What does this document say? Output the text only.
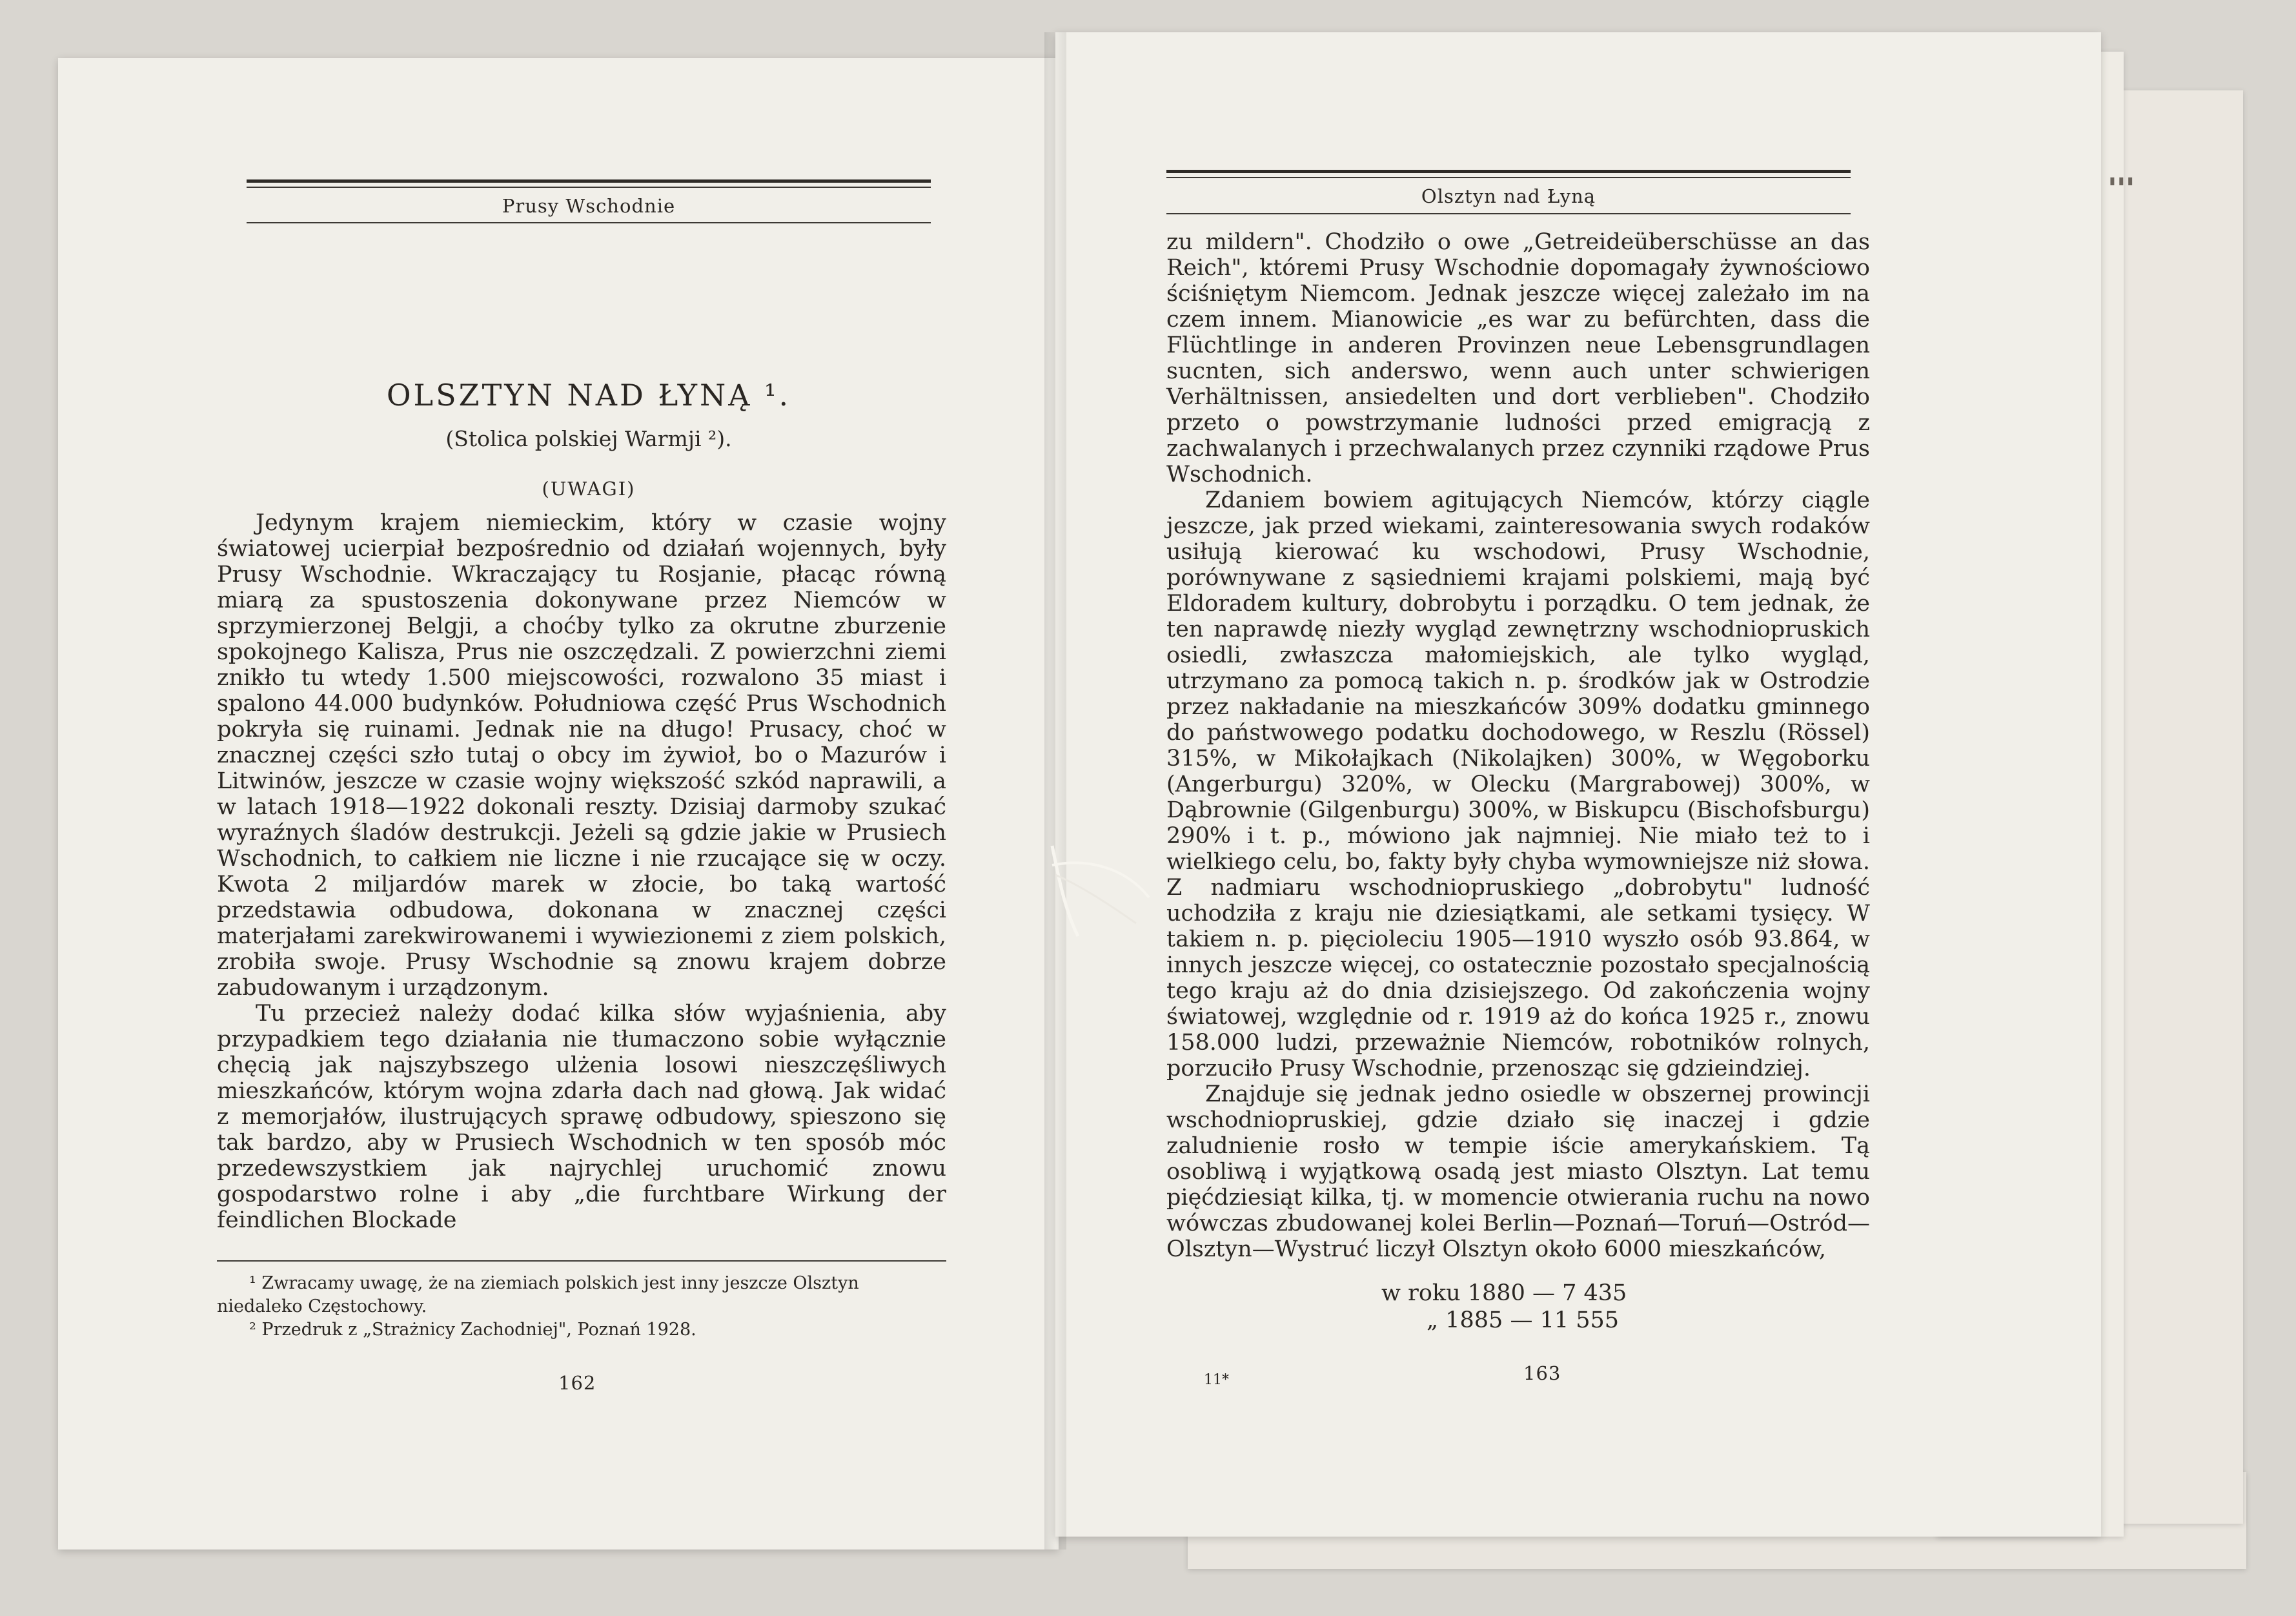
▮ ▮ ▮
Prusy Wschodnie
OLSZTYN NAD ŁYNĄ ¹.
(Stolica polskiej Warmji ²).
(UWAGI)

Jedynym krajem niemieckim, który w czasie wojny światowej ucierpiał bezpośrednio od działań wojennych, były Prusy Wschodnie. Wkraczający tu Rosjanie, płacąc równą miarą za spustoszenia dokonywane przez Niemców w sprzymierzonej Belgji, a choćby tylko za okrutne zburzenie spokojnego Kalisza, Prus nie oszczędzali. Z powierzchni ziemi znikło tu wtedy 1.500 miejscowości, rozwalono 35 miast i spalono 44.000 budynków. Południowa część Prus Wschodnich pokryła się ruinami. Jednak nie na długo! Prusacy, choć w znacznej części szło tutaj o obcy im żywioł, bo o Mazurów i Litwinów, jeszcze w czasie wojny większość szkód naprawili, a w latach 1918—1922 dokonali reszty. Dzisiaj darmoby szukać wyraźnych śladów destrukcji. Jeżeli są gdzie jakie w Prusiech Wschodnich, to całkiem nie liczne i nie rzucające się w oczy. Kwota 2 miljardów marek w złocie, bo taką wartość przedstawia odbudowa, dokonana w znacznej części materjałami zarekwirowanemi i wywiezionemi z ziem polskich, zrobiła swoje. Prusy Wschodnie są znowu krajem dobrze zabudowanym i urządzonym.

Tu przecież należy dodać kilka słów wyjaśnienia, aby przypadkiem tego działania nie tłumaczono sobie wyłącznie chęcią jak najszybszego ulżenia losowi nieszczęśliwych mieszkańców, którym wojna zdarła dach nad głową. Jak widać z memorjałów, ilustrujących sprawę odbudowy, spieszono się tak bardzo, aby w Prusiech Wschodnich w ten sposób móc przedewszystkiem jak najrychlej uruchomić znowu gospodarstwo rolne i aby „die furchtbare Wirkung der feindlichen Blockade

¹ Zwracamy uwagę, że na ziemiach polskich jest inny jeszcze Olsztyn niedaleko Częstochowy.

² Przedruk z „Strażnicy Zachodniej", Poznań 1928.

162
Olsztyn nad Łyną

zu mildern". Chodziło o owe „Getreideüberschüsse an das Reich", któremi Prusy Wschodnie dopomagały żywnościowo ściśniętym Niemcom. Jednak jeszcze więcej zależało im na czem innem. Mianowicie „es war zu befürchten, dass die Flüchtlinge in anderen Provinzen neue Lebensgrundlagen sucnten, sich anderswo, wenn auch unter schwierigen Verhältnissen, ansiedelten und dort verblieben". Chodziło przeto o powstrzymanie ludności przed emigracją z zachwalanych i przechwalanych przez czynniki rządowe Prus Wschodnich.

Zdaniem bowiem agitujących Niemców, którzy ciągle jeszcze, jak przed wiekami, zainteresowania swych rodaków usiłują kierować ku wschodowi, Prusy Wschodnie, porównywane z sąsiedniemi krajami polskiemi, mają być Eldoradem kultury, dobrobytu i porządku. O tem jednak, że ten naprawdę niezły wygląd zewnętrzny wschodniopruskich osiedli, zwłaszcza małomiejskich, ale tylko wygląd, utrzymano za pomocą takich n. p. środków jak w Ostrodzie przez nakładanie na mieszkańców 309% dodatku gminnego do państwowego podatku dochodowego, w Reszlu (Rössel) 315%, w Mikołajkach (Nikolajken) 300%, w Węgoborku (Angerburgu) 320%, w Olecku (Margrabowej) 300%, w Dąbrownie (Gilgenburgu) 300%, w Biskupcu (Bischofsburgu) 290% i t. p., mówiono jak najmniej. Nie miało też to i wielkiego celu, bo, fakty były chyba wymowniejsze niż słowa. Z nadmiaru wschodniopruskiego „dobrobytu" ludność uchodziła z kraju nie dziesiątkami, ale setkami tysięcy. W takiem n. p. pięcioleciu 1905—1910 wyszło osób 93.864, w innych jeszcze więcej, co ostatecznie pozostało specjalnością tego kraju aż do dnia dzisiejszego. Od zakończenia wojny światowej, względnie od r. 1919 aż do końca 1925 r., znowu 158.000 ludzi, przeważnie Niemców, robotników rolnych, porzuciło Prusy Wschodnie, przenosząc się gdzieindziej.

Znajduje się jednak jedno osiedle w obszernej prowincji wschodniopruskiej, gdzie działo się inaczej i gdzie zaludnienie rosło w tempie iście amerykańskiem. Tą osobliwą i wyjątkową osadą jest miasto Olsztyn. Lat temu pięćdziesiąt kilka, tj. w momencie otwierania ruchu na nowo wówczas zbudowanej kolei Berlin—Poznań—Toruń—Ostród—Olsztyn—Wystruć liczył Olsztyn około 6000 mieszkańców,

w roku 1880 — 7 435
„ 1885 — 11 555
11*	163
